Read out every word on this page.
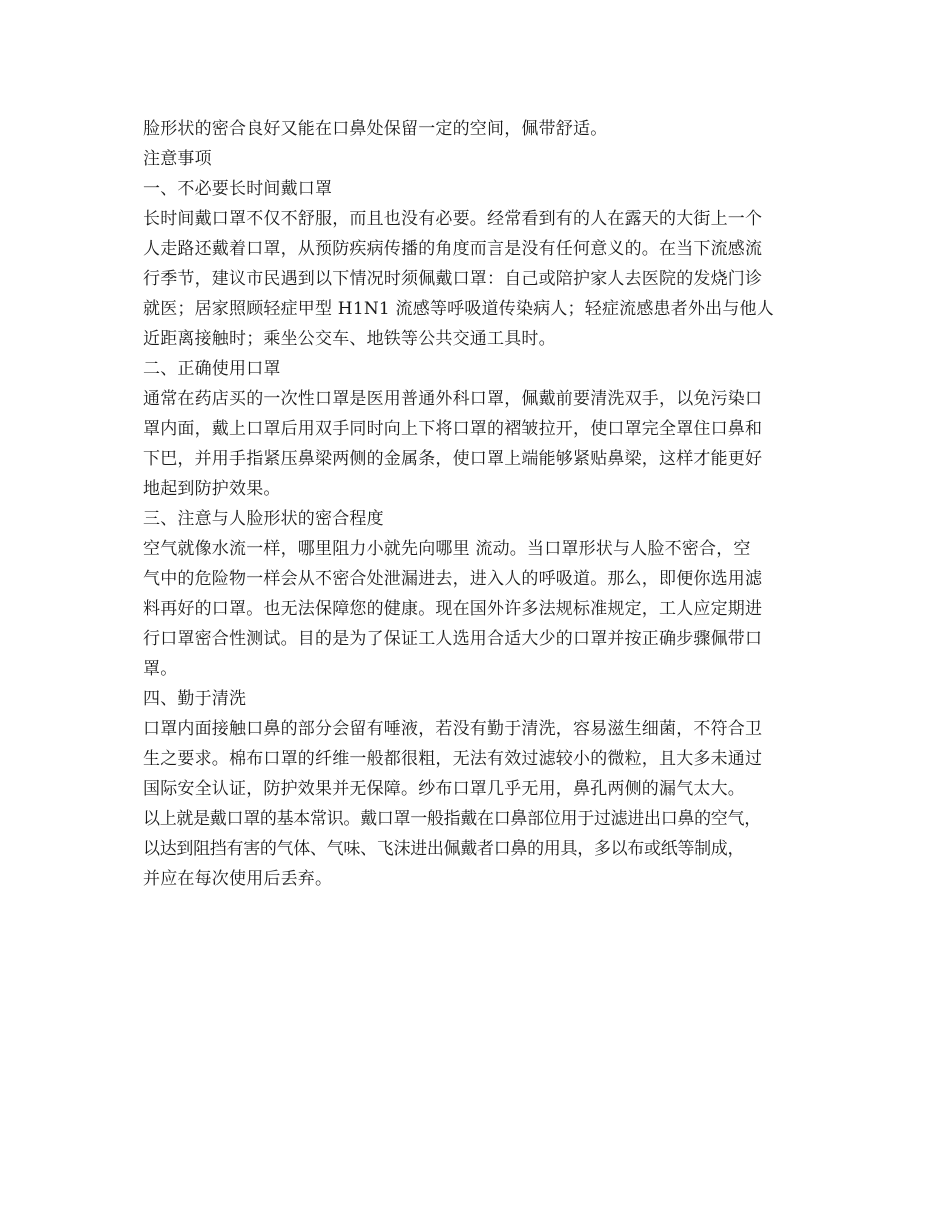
脸形状的密合良好又能在口鼻处保留一定的空间，佩带舒适。
注意事项
一、不必要长时间戴口罩
长时间戴口罩不仅不舒服，而且也没有必要。经常看到有的人在露天的大街上一个
人走路还戴着口罩，从预防疾病传播的角度而言是没有任何意义的。在当下流感流
行季节，建议市民遇到以下情况时须佩戴口罩：自己或陪护家人去医院的发烧门诊
就医；居家照顾轻症甲型 H1N1 流感等呼吸道传染病人；轻症流感患者外出与他人
近距离接触时；乘坐公交车、地铁等公共交通工具时。
二、正确使用口罩
通常在药店买的一次性口罩是医用普通外科口罩，佩戴前要清洗双手，以免污染口
罩内面，戴上口罩后用双手同时向上下将口罩的褶皱拉开，使口罩完全罩住口鼻和
下巴，并用手指紧压鼻梁两侧的金属条，使口罩上端能够紧贴鼻梁，这样才能更好
地起到防护效果。
三、注意与人脸形状的密合程度
空气就像水流一样，哪里阻力小就先向哪里 流动。当口罩形状与人脸不密合，空
气中的危险物一样会从不密合处泄漏进去，进入人的呼吸道。那么，即便你选用滤
料再好的口罩。也无法保障您的健康。现在国外许多法规标准规定，工人应定期进
行口罩密合性测试。目的是为了保证工人选用合适大少的口罩并按正确步骤佩带口
罩。
四、勤于清洗
口罩内面接触口鼻的部分会留有唾液，若没有勤于清洗，容易滋生细菌，不符合卫
生之要求。棉布口罩的纤维一般都很粗，无法有效过滤较小的微粒，且大多未通过
国际安全认证，防护效果并无保障。纱布口罩几乎无用，鼻孔两侧的漏气太大。
以上就是戴口罩的基本常识。戴口罩一般指戴在口鼻部位用于过滤进出口鼻的空气，
以达到阻挡有害的气体、气味、飞沫进出佩戴者口鼻的用具，多以布或纸等制成，
并应在每次使用后丢弃。
